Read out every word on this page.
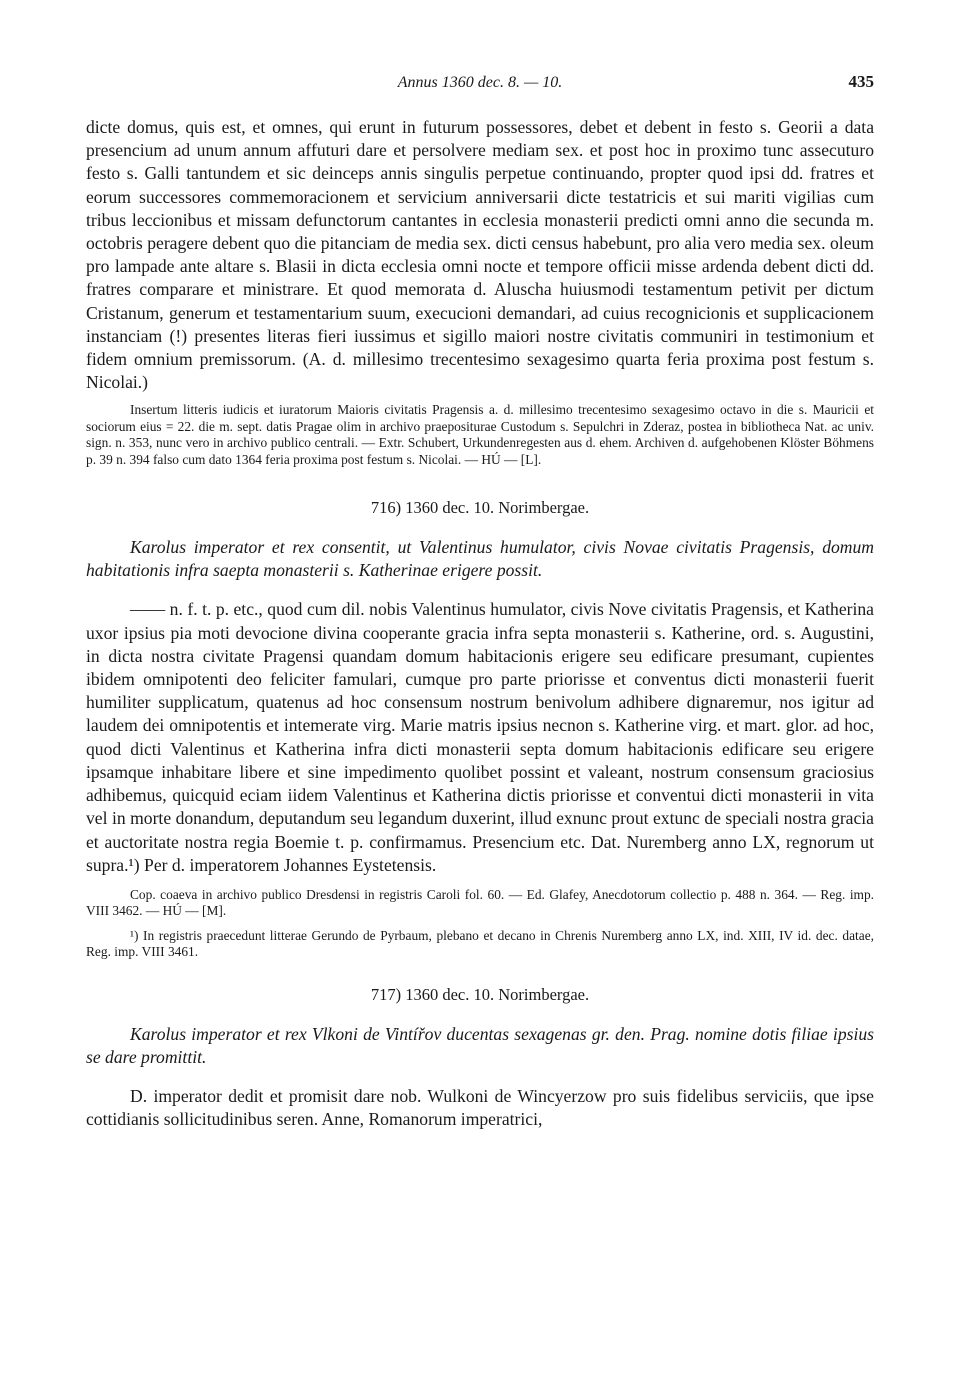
Annus 1360 dec. 8. — 10.	435

dicte domus, quis est, et omnes, qui erunt in futurum possessores, debet et debent in festo s. Georii a data presencium ad unum annum affuturi dare et persolvere mediam sex. et post hoc in proximo tunc assecuturo festo s. Galli tantundem et sic deinceps annis singulis perpetue continuando, propter quod ipsi dd. fratres et eorum successores commemoracionem et servicium anniversarii dicte testatricis et sui mariti vigilias cum tribus leccionibus et missam defunctorum cantantes in ecclesia monasterii predicti omni anno die secunda m. octobris peragere debent quo die pitanciam de media sex. dicti census habebunt, pro alia vero media sex. oleum pro lampade ante altare s. Blasii in dicta ecclesia omni nocte et tempore officii misse ardenda debent dicti dd. fratres comparare et ministrare. Et quod memorata d. Aluscha huiusmodi testamentum petivit per dictum Cristanum, generum et testamentarium suum, execucioni demandari, ad cuius recognicionis et supplicacionem instanciam (!) presentes literas fieri iussimus et sigillo maiori nostre civitatis communiri in testimonium et fidem omnium premissorum. (A. d. millesimo trecentesimo sexagesimo quarta feria proxima post festum s. Nicolai.)

Insertum litteris iudicis et iuratorum Maioris civitatis Pragensis a. d. millesimo trecentesimo sexagesimo octavo in die s. Mauricii et sociorum eius = 22. die m. sept. datis Pragae olim in archivo praepositurae Custodum s. Sepulchri in Zderaz, postea in bibliotheca Nat. ac univ. sign. n. 353, nunc vero in archivo publico centrali. — Extr. Schubert, Urkundenregesten aus d. ehem. Archiven d. aufgehobenen Klöster Böhmens p. 39 n. 394 falso cum dato 1364 feria proxima post festum s. Nicolai. — HÚ — [L].

716) 1360 dec. 10. Norimbergae.

Karolus imperator et rex consentit, ut Valentinus humulator, civis Novae civitatis Pragensis, domum habitationis infra saepta monasterii s. Katherinae erigere possit.

—— n. f. t. p. etc., quod cum dil. nobis Valentinus humulator, civis Nove civitatis Pragensis, et Katherina uxor ipsius pia moti devocione divina cooperante gracia infra septa monasterii s. Katherine, ord. s. Augustini, in dicta nostra civitate Pragensi quandam domum habitacionis erigere seu edificare presumant, cupientes ibidem omnipotenti deo feliciter famulari, cumque pro parte priorisse et conventus dicti monasterii fuerit humiliter supplicatum, quatenus ad hoc consensum nostrum benivolum adhibere dignaremur, nos igitur ad laudem dei omnipotentis et intemerate virg. Marie matris ipsius necnon s. Katherine virg. et mart. glor. ad hoc, quod dicti Valentinus et Katherina infra dicti monasterii septa domum habitacionis edificare seu erigere ipsamque inhabitare libere et sine impedimento quolibet possint et valeant, nostrum consensum graciosius adhibemus, quicquid eciam iidem Valentinus et Katherina dictis priorisse et conventui dicti monasterii in vita vel in morte donandum, deputandum seu legandum duxerint, illud exnunc prout extunc de speciali nostra gracia et auctoritate nostra regia Boemie t. p. confirmamus. Presencium etc. Dat. Nuremberg anno LX, regnorum ut supra.¹) Per d. imperatorem Johannes Eystetensis.

Cop. coaeva in archivo publico Dresdensi in registris Caroli fol. 60. — Ed. Glafey, Anecdotorum collectio p. 488 n. 364. — Reg. imp. VIII 3462. — HÚ — [M].

¹) In registris praecedunt litterae Gerundo de Pyrbaum, plebano et decano in Chrenis Nuremberg anno LX, ind. XIII, IV id. dec. datae, Reg. imp. VIII 3461.

717) 1360 dec. 10. Norimbergae.

Karolus imperator et rex Vlkoni de Vintířov ducentas sexagenas gr. den. Prag. nomine dotis filiae ipsius se dare promittit.

D. imperator dedit et promisit dare nob. Wulkoni de Wincyerzow pro suis fidelibus serviciis, que ipse cottidianis sollicitudinibus seren. Anne, Romanorum imperatrici,
